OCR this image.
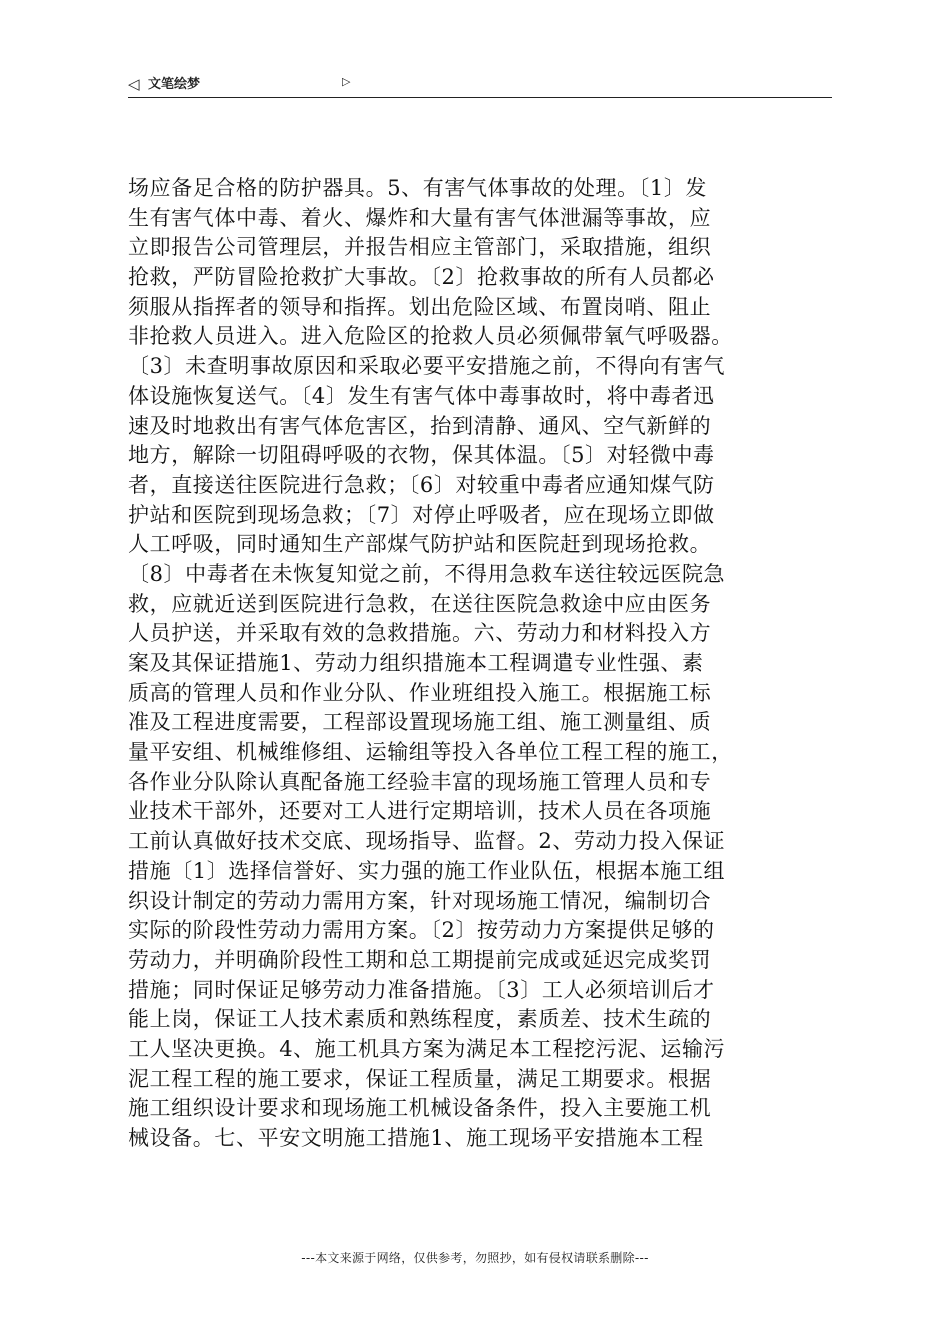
◁ 文笔绘梦	▷
场应备足合格的防护器具。5、有害气体事故的处理。〔1〕发
生有害气体中毒、着火、爆炸和大量有害气体泄漏等事故，应
立即报告公司管理层，并报告相应主管部门，采取措施，组织
抢救，严防冒险抢救扩大事故。〔2〕抢救事故的所有人员都必
须服从指挥者的领导和指挥。划出危险区域、布置岗哨、阻止
非抢救人员进入。进入危险区的抢救人员必须佩带氧气呼吸器。
〔3〕未查明事故原因和采取必要平安措施之前，不得向有害气
体设施恢复送气。〔4〕发生有害气体中毒事故时，将中毒者迅
速及时地救出有害气体危害区，抬到清静、通风、空气新鲜的
地方，解除一切阻碍呼吸的衣物，保其体温。〔5〕对轻微中毒
者，直接送往医院进行急救；〔6〕对较重中毒者应通知煤气防
护站和医院到现场急救；〔7〕对停止呼吸者，应在现场立即做
人工呼吸，同时通知生产部煤气防护站和医院赶到现场抢救。
〔8〕中毒者在未恢复知觉之前，不得用急救车送往较远医院急
救，应就近送到医院进行急救，在送往医院急救途中应由医务
人员护送，并采取有效的急救措施。六、劳动力和材料投入方
案及其保证措施1、劳动力组织措施本工程调遣专业性强、素
质高的管理人员和作业分队、作业班组投入施工。根据施工标
准及工程进度需要，工程部设置现场施工组、施工测量组、质
量平安组、机械维修组、运输组等投入各单位工程工程的施工，
各作业分队除认真配备施工经验丰富的现场施工管理人员和专
业技术干部外，还要对工人进行定期培训，技术人员在各项施
工前认真做好技术交底、现场指导、监督。2、劳动力投入保证
措施〔1〕选择信誉好、实力强的施工作业队伍，根据本施工组
织设计制定的劳动力需用方案，针对现场施工情况，编制切合
实际的阶段性劳动力需用方案。〔2〕按劳动力方案提供足够的
劳动力，并明确阶段性工期和总工期提前完成或延迟完成奖罚
措施；同时保证足够劳动力准备措施。〔3〕工人必须培训后才
能上岗，保证工人技术素质和熟练程度，素质差、技术生疏的
工人坚决更换。4、施工机具方案为满足本工程挖污泥、运输污
泥工程工程的施工要求，保证工程质量，满足工期要求。根据
施工组织设计要求和现场施工机械设备条件，投入主要施工机
械设备。七、平安文明施工措施1、施工现场平安措施本工程
---本文来源于网络，仅供参考，勿照抄，如有侵权请联系删除---
